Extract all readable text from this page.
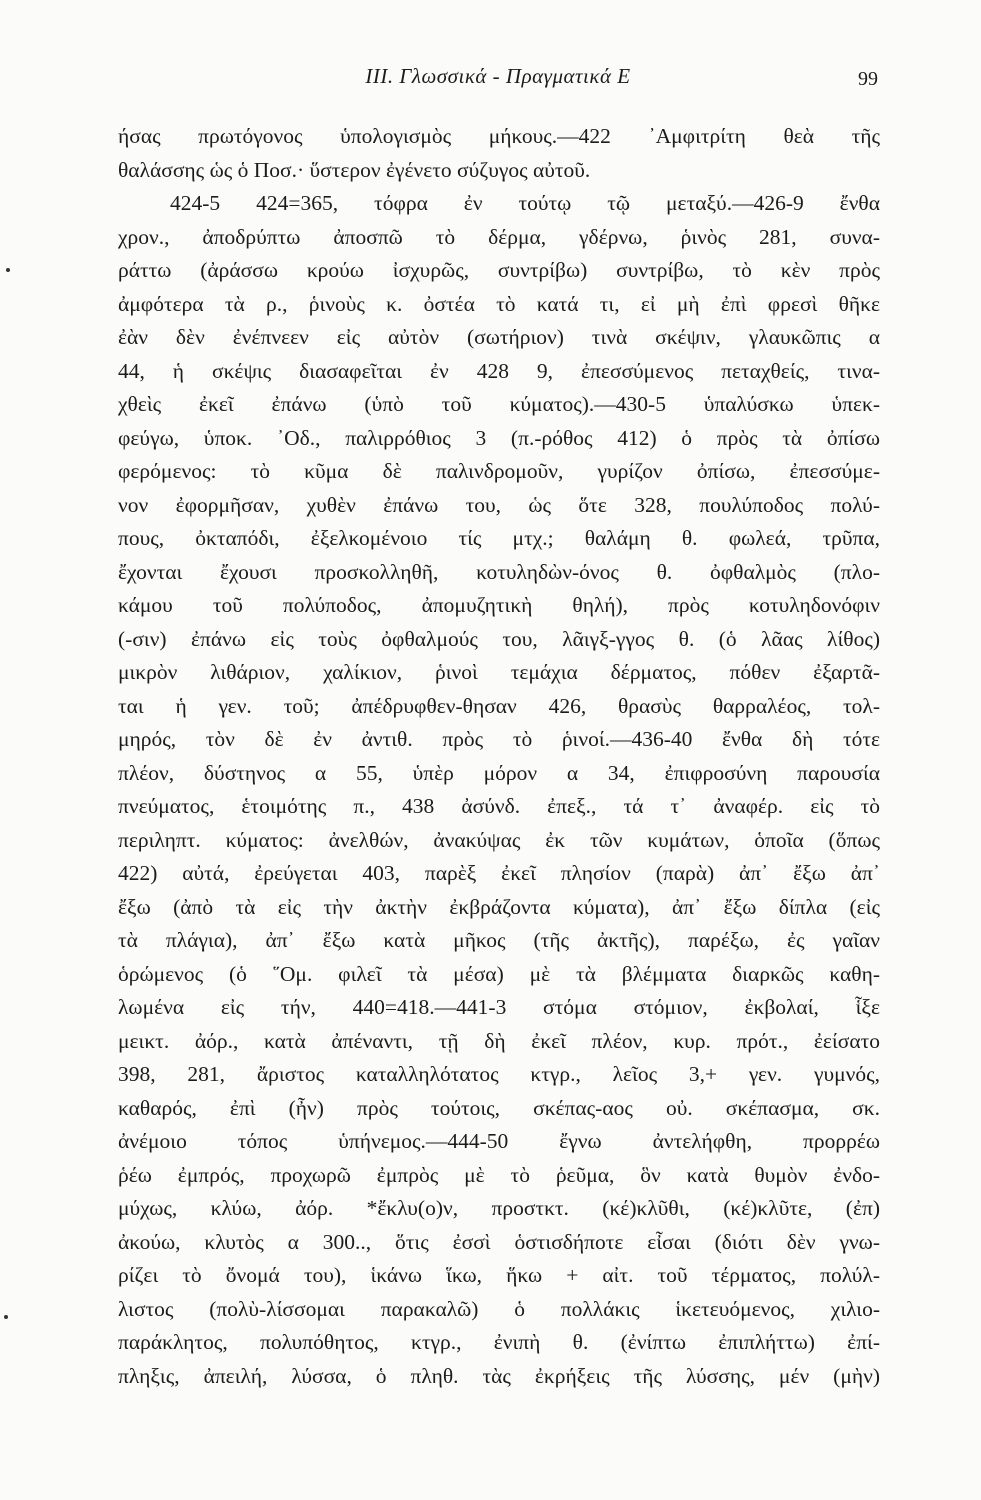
III. Γλωσσικά - Πραγματικά Ε	99
ήσας πρωτόγονος ὑπολογισμὸς μήκους.—422 ᾿Αμφιτρίτη θεὰ τῆς
θαλάσσης ὡς ὁ Ποσ.· ὕστερον ἐγένετο σύζυγος αὐτοῦ.
424-5 424=365, τόφρα ἐν τούτῳ τῷ μεταξύ.—426-9 ἔνθα
χρον., ἀποδρύπτω ἀποσπῶ τὸ δέρμα, γδέρνω, ῥινὸς 281, συνα-
ράττω (ἀράσσω κρούω ἰσχυρῶς, συντρίβω) συντρίβω, τὸ κὲν πρὸς
ἀμφότερα τὰ ρ., ῥινοὺς κ. ὀστέα τὸ κατά τι, εἰ μὴ ἐπὶ φρεσὶ θῆκε
ἐὰν δὲν ἐνέπνεεν εἰς αὐτὸν (σωτήριον) τινὰ σκέψιν, γλαυκῶπις α
44, ἡ σκέψις διασαφεῖται ἐν 428 9, ἐπεσσύμενος πεταχθείς, τινα-
χθεὶς ἐκεῖ ἐπάνω (ὑπὸ τοῦ κύματος).—430-5 ὑπαλύσκω ὑπεκ-
φεύγω, ὑποκ. ᾿Οδ., παλιρρόθιος 3 (π.-ρόθος 412) ὁ πρὸς τὰ ὀπίσω
φερόμενος: τὸ κῦμα δὲ παλινδρομοῦν, γυρίζον ὀπίσω, ἐπεσσύμε-
νον ἐφορμῆσαν, χυθὲν ἐπάνω του, ὡς ὅτε 328, πουλύποδος πολύ-
πους, ὀκταπόδι, ἐξελκομένοιο τίς μτχ.; θαλάμη θ. φωλεά, τρῦπα,
ἔχονται ἔχουσι προσκολληθῆ, κοτυληδὼν-όνος θ. ὀφθαλμὸς (πλο-
κάμου τοῦ πολύποδος, ἀπομυζητικὴ θηλή), πρὸς κοτυληδονόφιν
(-σιν) ἐπάνω εἰς τοὺς ὀφθαλμούς του, λᾶιγξ-γγος θ. (ὁ λᾶας λίθος)
μικρὸν λιθάριον, χαλίκιον, ῥινοὶ τεμάχια δέρματος, πόθεν ἐξαρτᾶ-
ται ἡ γεν. τοῦ; ἀπέδρυφθεν-θησαν 426, θρασὺς θαρραλέος, τολ-
μηρός, τὸν δὲ ἐν ἀντιθ. πρὸς τὸ ῥινοί.—436-40 ἔνθα δὴ τότε
πλέον, δύστηνος α 55, ὑπὲρ μόρον α 34, ἐπιφροσύνη παρουσία
πνεύματος, ἑτοιμότης π., 438 ἀσύνδ. ἐπεξ., τά τ᾿ ἀναφέρ. εἰς τὸ
περιληπτ. κύματος: ἀνελθών, ἀνακύψας ἐκ τῶν κυμάτων, ὁποῖα (ὅπως
422) αὐτά, ἐρεύγεται 403, παρὲξ ἐκεῖ πλησίον (παρὰ) ἀπ᾿ ἔξω ἀπ᾿
ἔξω (ἀπὸ τὰ εἰς τὴν ἀκτὴν ἐκβράζοντα κύματα), ἀπ᾿ ἔξω δίπλα (εἰς
τὰ πλάγια), ἀπ᾿ ἔξω κατὰ μῆκος (τῆς ἀκτῆς), παρέξω, ἐς γαῖαν
ὁρώμενος (ὁ ῞Ομ. φιλεῖ τὰ μέσα) μὲ τὰ βλέμματα διαρκῶς καθη-
λωμένα εἰς τήν, 440=418.—441-3 στόμα στόμιον, ἐκβολαί, ἷξε
μεικτ. ἀόρ., κατὰ ἀπέναντι, τῇ δὴ ἐκεῖ πλέον, κυρ. πρότ., ἐείσατο
398, 281, ἄριστος καταλληλότατος κτγρ., λεῖος 3,+ γεν. γυμνός,
καθαρός, ἐπὶ (ἦν) πρὸς τούτοις, σκέπας-αος οὐ. σκέπασμα, σκ.
ἀνέμοιο τόπος ὑπήνεμος.—444-50 ἔγνω ἀντελήφθη, προρρέω
ῥέω ἐμπρός, προχωρῶ ἐμπρὸς μὲ τὸ ῥεῦμα, ὃν κατὰ θυμὸν ἐνδο-
μύχως, κλύω, ἀόρ. *ἔκλυ(ο)ν, προστκτ. (κέ)κλῦθι, (κέ)κλῦτε, (ἐπ)
ἀκούω, κλυτὸς α 300.., ὅτις ἐσσὶ ὁστισδήποτε εἶσαι (διότι δὲν γνω-
ρίζει τὸ ὄνομά του), ἱκάνω ἵκω, ἥκω + αἰτ. τοῦ τέρματος, πολύλ-
λιστος (πολὺ-λίσσομαι παρακαλῶ) ὁ πολλάκις ἱκετευόμενος, χιλιο-
παράκλητος, πολυπόθητος, κτγρ., ἐνιπὴ θ. (ἐνίπτω ἐπιπλήττω) ἐπί-
πληξις, ἀπειλή, λύσσα, ὁ πληθ. τὰς ἐκρήξεις τῆς λύσσης, μέν (μὴν)
